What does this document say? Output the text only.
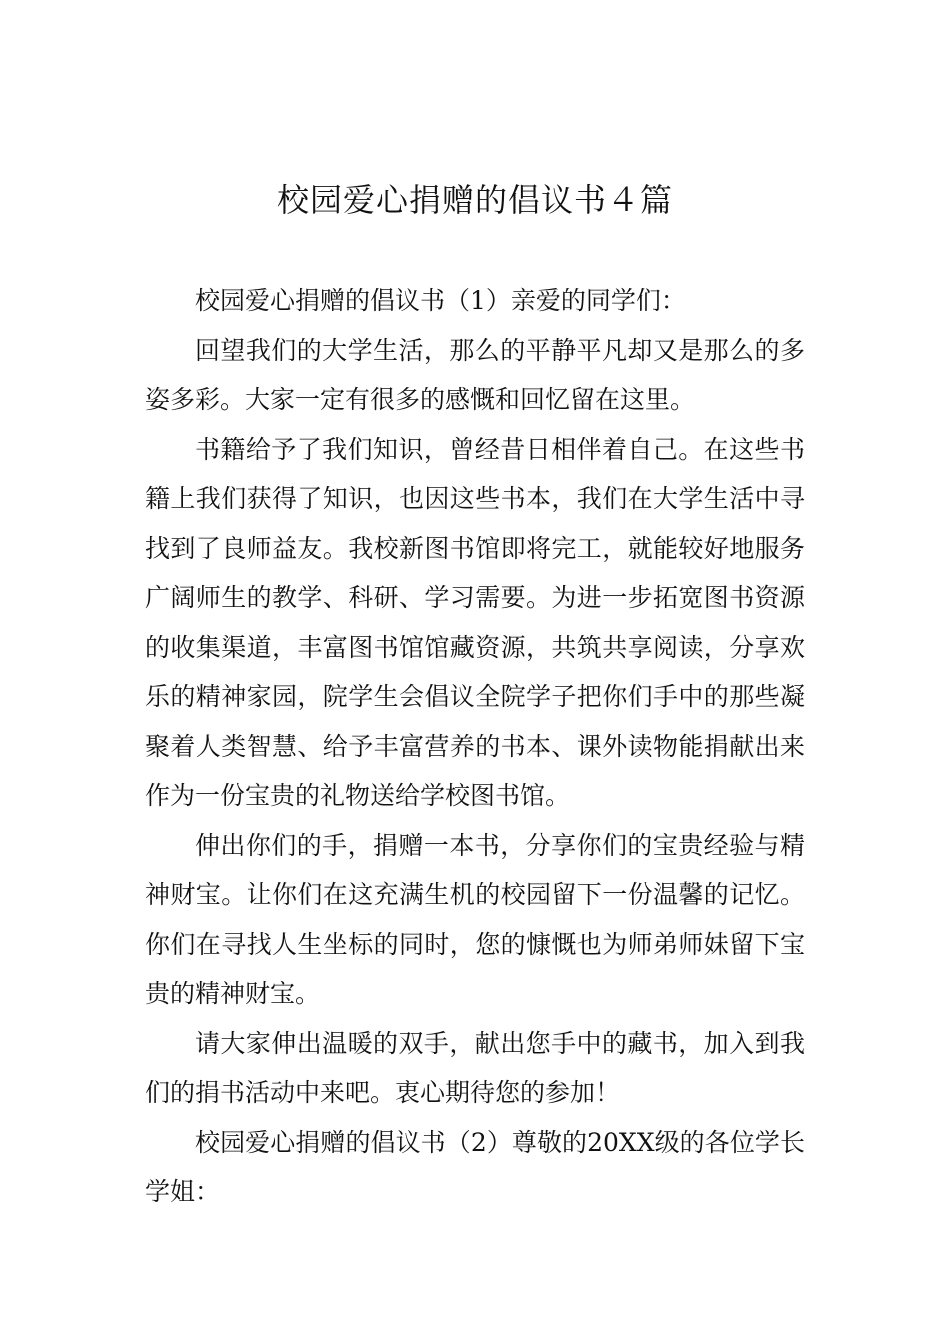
校园爱心捐赠的倡议书４篇

校园爱心捐赠的倡议书（1）亲爱的同学们：

回望我们的大学生活，那么的平静平凡却又是那么的多姿多彩。大家一定有很多的感慨和回忆留在这里。

书籍给予了我们知识，曾经昔日相伴着自己。在这些书籍上我们获得了知识，也因这些书本，我们在大学生活中寻找到了良师益友。我校新图书馆即将完工，就能较好地服务广阔师生的教学、科研、学习需要。为进一步拓宽图书资源的收集渠道，丰富图书馆馆藏资源，共筑共享阅读，分享欢乐的精神家园，院学生会倡议全院学子把你们手中的那些凝聚着人类智慧、给予丰富营养的书本、课外读物能捐献出来作为一份宝贵的礼物送给学校图书馆。

伸出你们的手，捐赠一本书，分享你们的宝贵经验与精神财宝。让你们在这充满生机的校园留下一份温馨的记忆。你们在寻找人生坐标的同时，您的慷慨也为师弟师妹留下宝贵的精神财宝。

请大家伸出温暖的双手，献出您手中的藏书，加入到我们的捐书活动中来吧。衷心期待您的参加！

校园爱心捐赠的倡议书（2）尊敬的20XX级的各位学长学姐：
